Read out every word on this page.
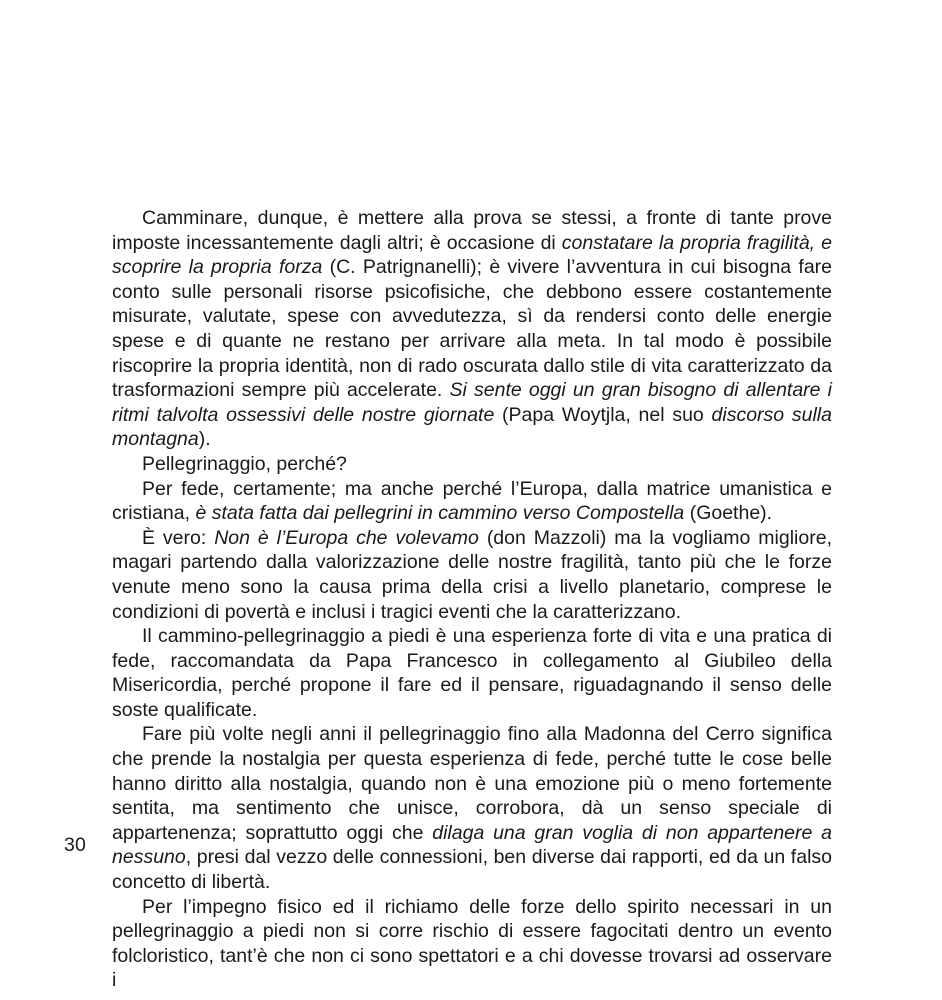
30

Camminare, dunque, è mettere alla prova se stessi, a fronte di tante prove imposte incessantemente dagli altri; è occasione di constatare la propria fragilità, e scoprire la propria forza (C. Patrignanelli); è vivere l’avventura in cui bisogna fare conto sulle personali risorse psicofisiche, che debbono essere costantemente misurate, valutate, spese con avvedutezza, sì da rendersi conto delle energie spese e di quante ne restano per arrivare alla meta. In tal modo è possibile riscoprire la propria identità, non di rado oscurata dallo stile di vita caratterizzato da trasformazioni sempre più accelerate. Si sente oggi un gran bisogno di allentare i ritmi talvolta ossessivi delle nostre giornate (Papa Woytjla, nel suo discorso sulla montagna).

Pellegrinaggio, perché?

Per fede, certamente; ma anche perché l’Europa, dalla matrice umanistica e cristiana, è stata fatta dai pellegrini in cammino verso Compostella (Goethe).

È vero: Non è l’Europa che volevamo (don Mazzoli) ma la vogliamo migliore, magari partendo dalla valorizzazione delle nostre fragilità, tanto più che le forze venute meno sono la causa prima della crisi a livello planetario, comprese le condizioni di povertà e inclusi i tragici eventi che la caratterizzano.

Il cammino-pellegrinaggio a piedi è una esperienza forte di vita e una pratica di fede, raccomandata da Papa Francesco in collegamento al Giubileo della Misericordia, perché propone il fare ed il pensare, riguadagnando il senso delle soste qualificate.

Fare più volte negli anni il pellegrinaggio fino alla Madonna del Cerro significa che prende la nostalgia per questa esperienza di fede, perché tutte le cose belle hanno diritto alla nostalgia, quando non è una emozione più o meno fortemente sentita, ma sentimento che unisce, corrobora, dà un senso speciale di appartenenza; soprattutto oggi che dilaga una gran voglia di non appartenere a nessuno, presi dal vezzo delle connessioni, ben diverse dai rapporti, ed da un falso concetto di libertà.

Per l’impegno fisico ed il richiamo delle forze dello spirito necessari in un pellegrinaggio a piedi non si corre rischio di essere fagocitati dentro un evento folcloristico, tant’è che non ci sono spettatori e a chi dovesse trovarsi ad osservare i
